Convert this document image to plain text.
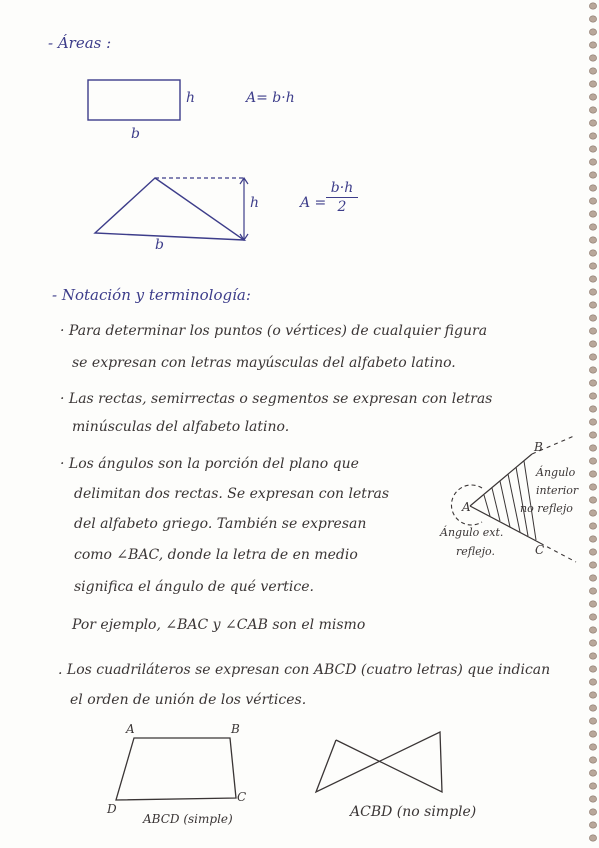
- Áreas :
h
b
A= b·h
h
b
A =
b·h
2
- Notación y terminología:
· Para determinar los puntos (o vértices) de cualquier figura
se expresan con letras mayúsculas del alfabeto latino.
· Las rectas, semirrectas o segmentos se expresan con letras
minúsculas del alfabeto latino.
· Los ángulos son la porción del plano que
delimitan dos rectas. Se expresan con letras
del alfabeto griego. También se expresan
como ∠BAC, donde la letra de en medio
significa el ángulo de qué vertice.
Por ejemplo, ∠BAC y ∠CAB son el mismo
B
A
C
Ángulo
interior
no reflejo
Ángulo ext.
reflejo.
. Los cuadriláteros se expresan con ABCD (cuatro letras) que indican
el orden de unión de los vértices.
A	B
C
D
ABCD (simple)	ACBD (no simple)
